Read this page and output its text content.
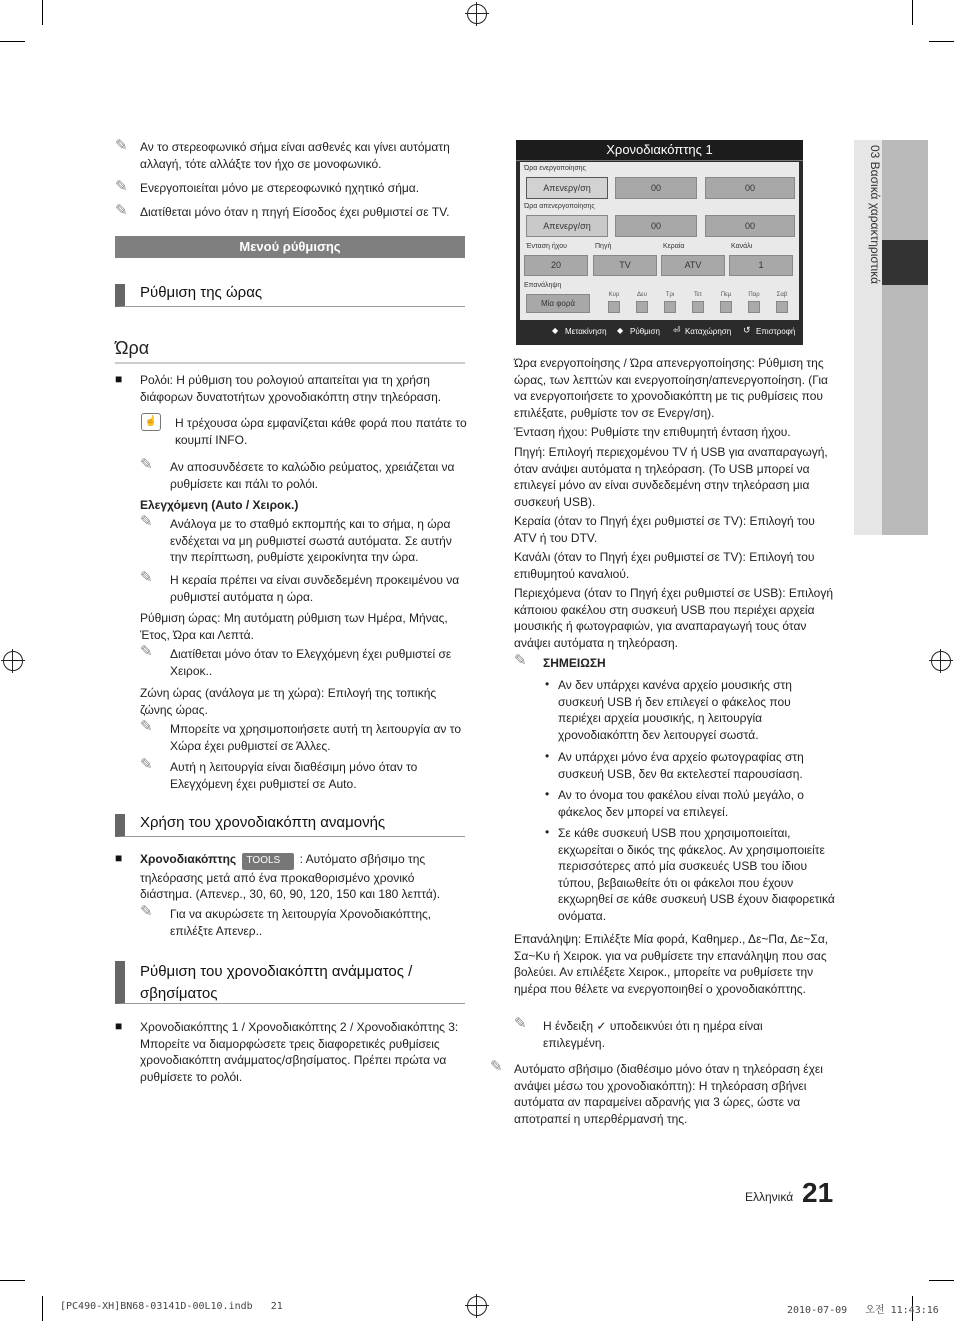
✎ Αν το στερεοφωνικό σήμα είναι ασθενές και γίνει αυτόματη αλλαγή, τότε αλλάξτε τον ήχο σε μονοφωνικό.
✎ Ενεργοποιείται μόνο με στερεοφωνικό ηχητικό σήμα.
✎ Διατίθεται μόνο όταν η πηγή Είσοδος έχει ρυθμιστεί σε TV.
Μενού ρύθμισης
Ρύθμιση της ώρας
Ώρα
■ Ρολόι: Η ρύθμιση του ρολογιού απαιτείται για τη χρήση διάφορων δυνατοτήτων χρονοδιακόπτη στην τηλεόραση.
☝	Η τρέχουσα ώρα εμφανίζεται κάθε φορά που πατάτε το κουμπί INFO.
✎ Αν αποσυνδέσετε το καλώδιο ρεύματος, χρειάζεται να ρυθμίσετε και πάλι το ρολόι.
Ελεγχόμενη (Auto / Χειροκ.)
✎ Ανάλογα με το σταθμό εκπομπής και το σήμα, η ώρα ενδέχεται να μη ρυθμιστεί σωστά αυτόματα. Σε αυτήν την περίπτωση, ρυθμίστε χειροκίνητα την ώρα.
✎ Η κεραία πρέπει να είναι συνδεδεμένη προκειμένου να ρυθμιστεί αυτόματα η ώρα.
Ρύθμιση ώρας: Μη αυτόματη ρύθμιση των Ημέρα, Μήνας, Έτος, Ώρα και Λεπτά.
✎ Διατίθεται μόνο όταν το Ελεγχόμενη έχει ρυθμιστεί σε Χειροκ..
Ζώνη ώρας (ανάλογα με τη χώρα): Επιλογή της τοπικής ζώνης ώρας.
✎ Μπορείτε να χρησιμοποιήσετε αυτή τη λειτουργία αν το Χώρα έχει ρυθμιστεί σε Άλλες.
✎ Αυτή η λειτουργία είναι διαθέσιμη μόνο όταν το Ελεγχόμενη έχει ρυθμιστεί σε Auto.
Χρήση του χρονοδιακόπτη αναμονής
■ Χρονοδιακόπτης TOOLS : Αυτόματο σβήσιμο της τηλεόρασης μετά από ένα προκαθορισμένο χρονικό διάστημα. (Απενερ., 30, 60, 90, 120, 150 και 180 λεπτά).
✎ Για να ακυρώσετε τη λειτουργία Χρονοδιακόπτης, επιλέξτε Απενερ..
Ρύθμιση του χρονοδιακόπτη ανάμματος /
σβησίματος
■ Χρονοδιακόπτης 1 / Χρονοδιακόπτης 2 / Χρονοδιακόπτης 3: Μπορείτε να διαμορφώσετε τρεις διαφορετικές ρυθμίσεις χρονοδιακόπτη ανάμματος/σβησίματος. Πρέπει πρώτα να ρυθμίσετε το ρολόι.
Χρονοδιακόπτης 1
Ώρα ενεργοποίησης
Απενεργ/ση	00	00
Ώρα απενεργοποίησης
Απενεργ/ση	00	00
Ένταση ήχου	Πηγή	Κεραία	Κανάλι
20	TV	ATV	1
Επανάληψη
Μία φορά
Κυρ	Δευ	Τρι	Τετ	Πεμ	Παρ	Σαβ
◆ Μετακίνηση ◆ Ρύθμιση ⏎ Καταχώρηση ↺ Επιστροφή
Ώρα ενεργοποίησης / Ώρα απενεργοποίησης: Ρύθμιση της ώρας, των λεπτών και ενεργοποίηση/απενεργοποίηση. (Για να ενεργοποιήσετε το χρονοδιακόπτη με τις ρυθμίσεις που επιλέξατε, ρυθμίστε τον σε Ενεργ/ση).
Ένταση ήχου: Ρυθμίστε την επιθυμητή ένταση ήχου.
Πηγή: Επιλογή περιεχομένου TV ή USB για αναπαραγωγή, όταν ανάψει αυτόματα η τηλεόραση. (Το USB μπορεί να επιλεγεί μόνο αν είναι συνδεδεμένη στην τηλεόραση μια συσκευή USB).
Κεραία (όταν το Πηγή έχει ρυθμιστεί σε TV): Επιλογή του ATV ή του DTV.
Κανάλι (όταν το Πηγή έχει ρυθμιστεί σε TV): Επιλογή του επιθυμητού καναλιού.
Περιεχόμενα (όταν το Πηγή έχει ρυθμιστεί σε USB): Επιλογή κάποιου φακέλου στη συσκευή USB που περιέχει αρχεία μουσικής ή φωτογραφιών, για αναπαραγωγή τους όταν ανάψει αυτόματα η τηλεόραση.
✎ ΣΗΜΕΙΩΣΗ
• Αν δεν υπάρχει κανένα αρχείο μουσικής στη συσκευή USB ή δεν επιλεγεί ο φάκελος που περιέχει αρχεία μουσικής, η λειτουργία χρονοδιακόπτη δεν λειτουργεί σωστά.
• Αν υπάρχει μόνο ένα αρχείο φωτογραφίας στη συσκευή USB, δεν θα εκτελεστεί παρουσίαση.
• Αν το όνομα του φακέλου είναι πολύ μεγάλο, ο φάκελος δεν μπορεί να επιλεγεί.
• Σε κάθε συσκευή USB που χρησιμοποιείται, εκχωρείται ο δικός της φάκελος. Αν χρησιμοποιείτε περισσότερες από μία συσκευές USB του ίδιου τύπου, βεβαιωθείτε ότι οι φάκελοι που έχουν εκχωρηθεί σε κάθε συσκευή USB έχουν διαφορετικά ονόματα.
Επανάληψη: Επιλέξτε Μία φορά, Καθημερ., Δε~Πα, Δε~Σα, Σα~Κυ ή Χειροκ. για να ρυθμίσετε την επανάληψη που σας βολεύει. Αν επιλέξετε Χειροκ., μπορείτε να ρυθμίσετε την ημέρα που θέλετε να ενεργοποιηθεί ο χρονοδιακόπτης.
✎ Η ένδειξη ✓ υποδεικνύει ότι η ημέρα είναι επιλεγμένη.
✎ Αυτόματο σβήσιμο (διαθέσιμο μόνο όταν η τηλεόραση έχει ανάψει μέσω του χρονοδιακόπτη): Η τηλεόραση σβήνει αυτόματα αν παραμείνει αδρανής για 3 ώρες, ώστε να αποτραπεί η υπερθέρμανσή της.
03 Βασικά χαρακτηριστικά
Ελληνικά 21
[PC490-XH]BN68-03141D-00L10.indb   21	2010-07-09   오전 11:43:16
